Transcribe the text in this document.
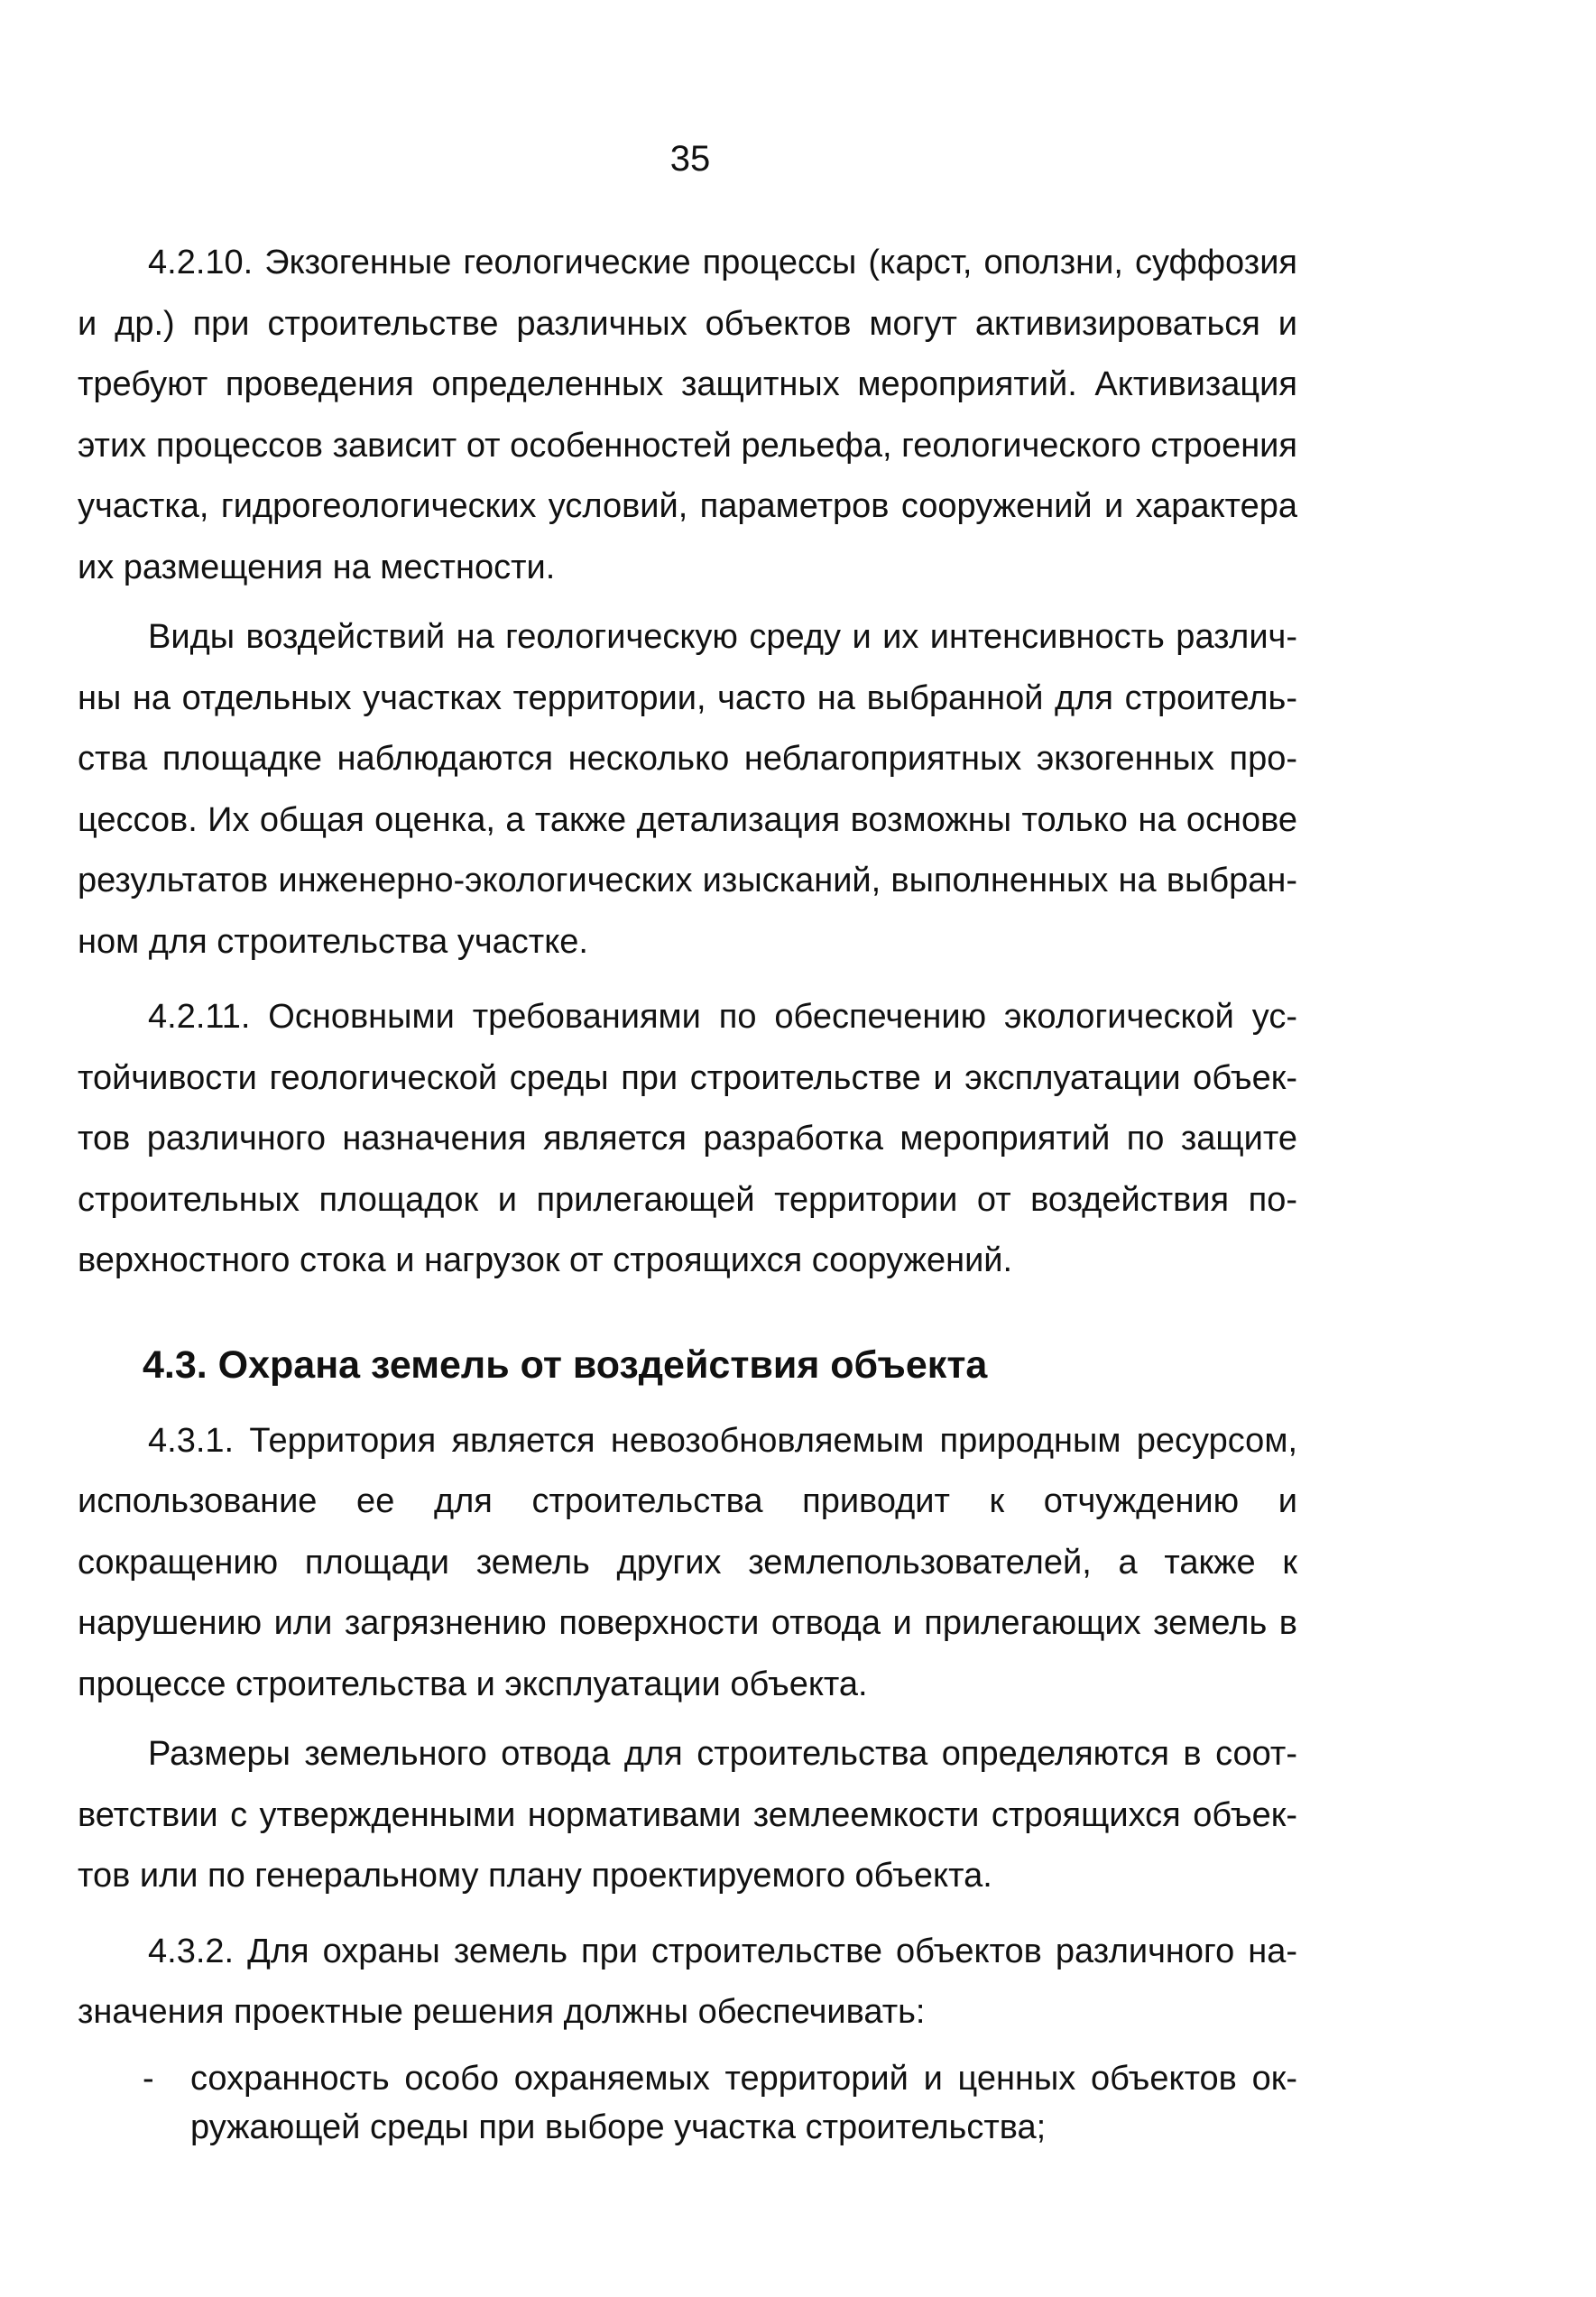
35

4.2.10. Экзогенные геологические процессы (карст, оползни, суффозия и др.) при строительстве различных объектов могут активизироваться и требуют проведения определенных защитных мероприятий. Активизация этих процессов зависит от особенностей рельефа, геологического строения участка, гидрогеологических условий, параметров сооружений и характера их размещения на местности.

Виды воздействий на геологическую среду и их интенсивность различны на отдельных участках территории, часто на выбранной для строительства площадке наблюдаются несколько неблагоприятных экзогенных процессов. Их общая оценка, а также детализация возможны только на основе результатов инженерно-экологических изысканий, выполненных на выбранном для строительства участке.

4.2.11. Основными требованиями по обеспечению экологической устойчивости геологической среды при строительстве и эксплуатации объектов различного назначения является разработка мероприятий по защите строительных площадок и прилегающей территории от воздействия поверхностного стока и нагрузок от строящихся сооружений.

4.3. Охрана земель от воздействия объекта

4.3.1. Территория является невозобновляемым природным ресурсом, использование ее для строительства приводит к отчуждению и сокращению площади земель других землепользователей, а также к нарушению или загрязнению поверхности отвода и прилегающих земель в процессе строительства и эксплуатации объекта.

Размеры земельного отвода для строительства определяются в соответствии с утвержденными нормативами землеемкости строящихся объектов или по генеральному плану проектируемого объекта.

4.3.2. Для охраны земель при строительстве объектов различного назначения проектные решения должны обеспечивать:

- сохранность особо охраняемых территорий и ценных объектов окружающей среды при выборе участка строительства;
